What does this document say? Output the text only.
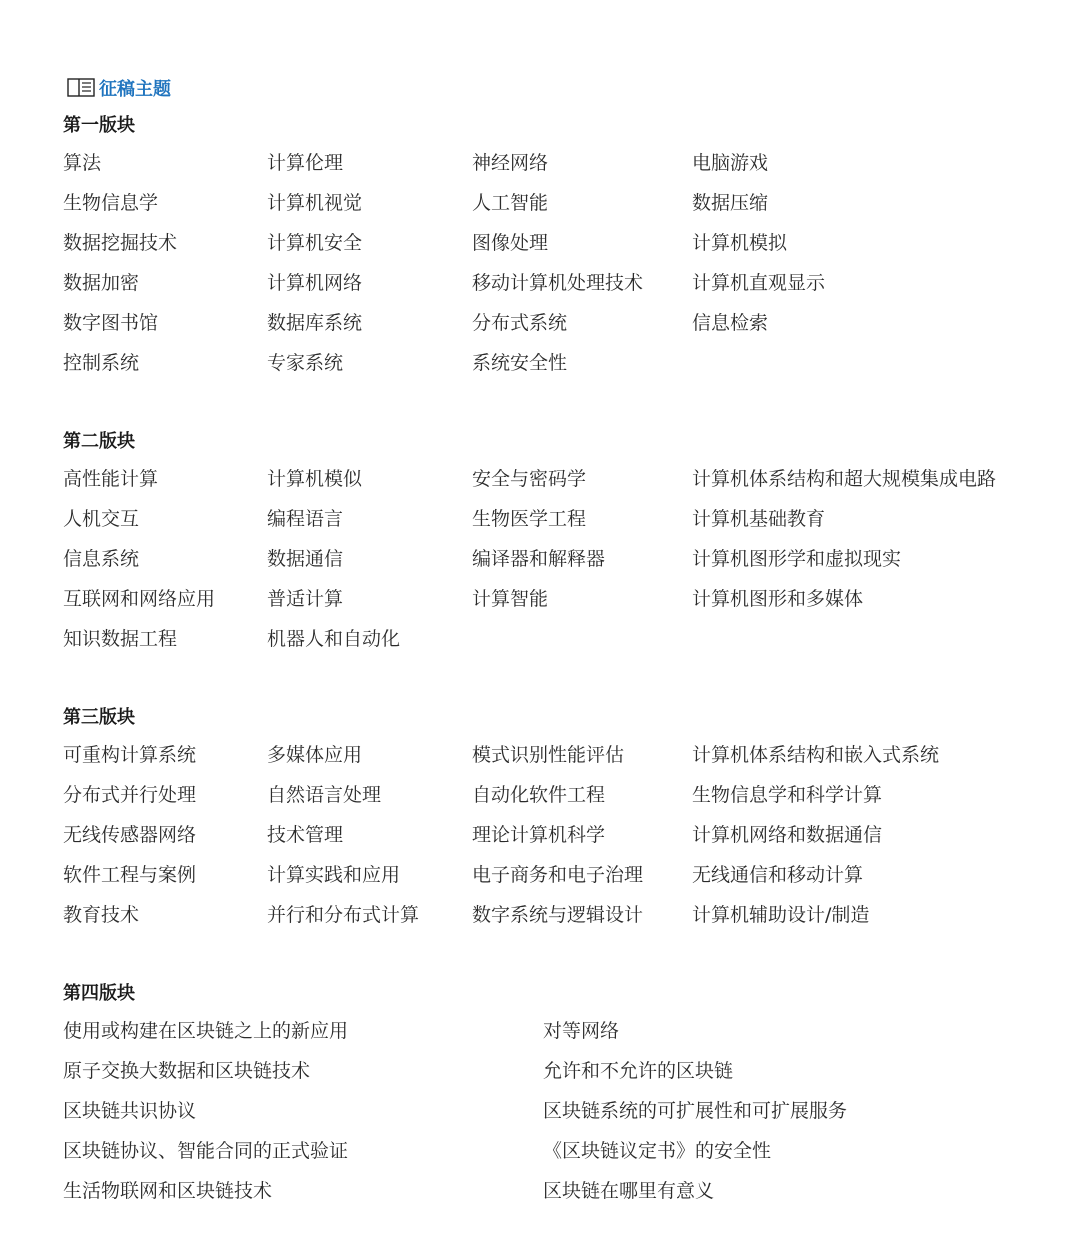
征稿主题
第一版块
算法	计算伦理	神经网络	电脑游戏
生物信息学	计算机视觉	人工智能	数据压缩
数据挖掘技术	计算机安全	图像处理	计算机模拟
数据加密	计算机网络	移动计算机处理技术	计算机直观显示
数字图书馆	数据库系统	分布式系统	信息检索
控制系统	专家系统	系统安全性
第二版块
高性能计算	计算机模似	安全与密码学	计算机体系结构和超大规模集成电路
人机交互	编程语言	生物医学工程	计算机基础教育
信息系统	数据通信	编译器和解释器	计算机图形学和虚拟现实
互联网和网络应用	普适计算	计算智能	计算机图形和多媒体
知识数据工程	机器人和自动化
第三版块
可重构计算系统	多媒体应用	模式识别性能评估	计算机体系结构和嵌入式系统
分布式并行处理	自然语言处理	自动化软件工程	生物信息学和科学计算
无线传感器网络	技术管理	理论计算机科学	计算机网络和数据通信
软件工程与案例	计算实践和应用	电子商务和电子治理	无线通信和移动计算
教育技术	并行和分布式计算	数字系统与逻辑设计	计算机辅助设计/制造
第四版块
使用或构建在区块链之上的新应用	对等网络
原子交换大数据和区块链技术	允许和不允许的区块链
区块链共识协议	区块链系统的可扩展性和可扩展服务
区块链协议、智能合同的正式验证	《区块链议定书》的安全性
生活物联网和区块链技术	区块链在哪里有意义
